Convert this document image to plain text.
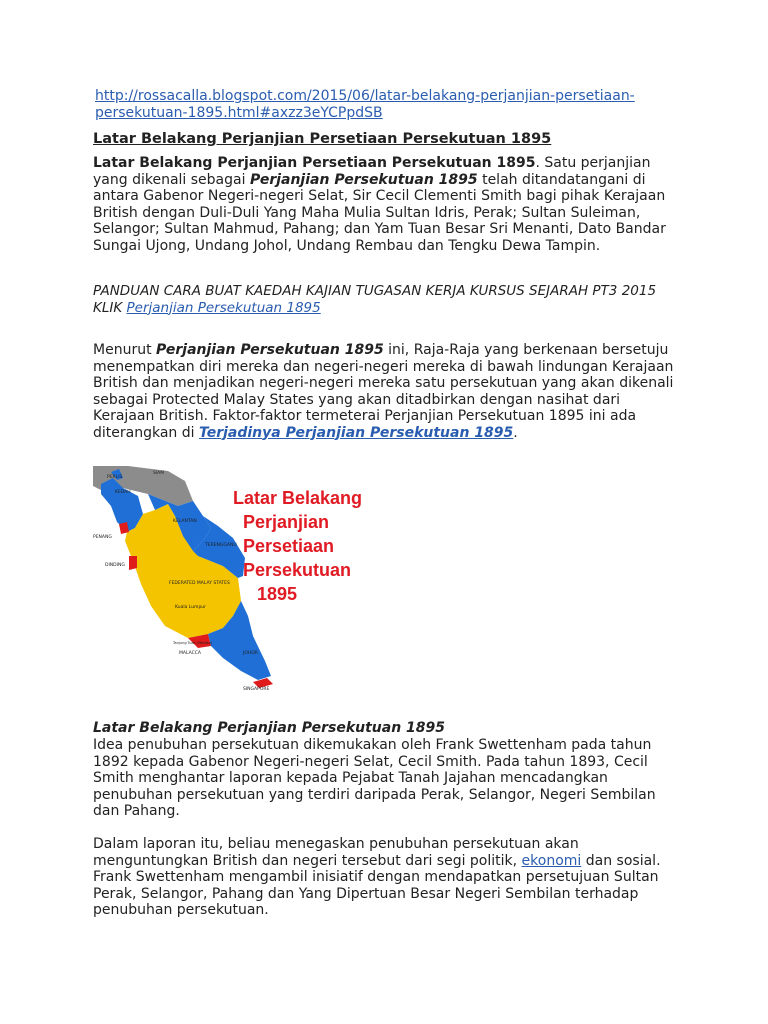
http://rossacalla.blogspot.com/2015/06/latar-belakang-perjanjian-persetiaan-
persekutuan-1895.html#axzz3eYCPpdSB
Latar Belakang Perjanjian Persetiaan Persekutuan 1895
Latar Belakang Perjanjian Persetiaan Persekutuan 1895. Satu perjanjian yang dikenali sebagai Perjanjian Persekutuan 1895 telah ditandatangani di antara Gabenor Negeri-negeri Selat, Sir Cecil Clementi Smith bagi pihak Kerajaan British dengan Duli-Duli Yang Maha Mulia Sultan Idris, Perak; Sultan Suleiman, Selangor; Sultan Mahmud, Pahang; dan Yam Tuan Besar Sri Menanti, Dato Bandar Sungai Ujong, Undang Johol, Undang Rembau dan Tengku Dewa Tampin.
PANDUAN CARA BUAT KAEDAH KAJIAN TUGASAN KERJA KURSUS SEJARAH PT3 2015 KLIK Perjanjian Persekutuan 1895
Menurut Perjanjian Persekutuan 1895 ini, Raja-Raja yang berkenaan bersetuju menempatkan diri mereka dan negeri-negeri mereka di bawah lindungan Kerajaan British dan menjadikan negeri-negeri mereka satu persekutuan yang akan dikenali sebagai Protected Malay States yang akan ditadbirkan dengan nasihat dari Kerajaan British. Faktor-faktor termeterai Perjanjian Persekutuan 1895 ini ada diterangkan di Terjadinya Perjanjian Persekutuan 1895.
SIAM
PERLIS
KEDAH
PENANG
KELANTAN
TERENGGANU
DINDING
FEDERATED MALAY STATES
Kuala Lumpur
Tanjung Tuan (Melaka)
MALACCA	JOHOR
SINGAPORE
Latar Belakang
Perjanjian
Persetiaan
Persekutuan
1895
Latar Belakang Perjanjian Persekutuan 1895
Idea penubuhan persekutuan dikemukakan oleh Frank Swettenham pada tahun 1892 kepada Gabenor Negeri-negeri Selat, Cecil Smith. Pada tahun 1893, Cecil Smith menghantar laporan kepada Pejabat Tanah Jajahan mencadangkan penubuhan persekutuan yang terdiri daripada Perak, Selangor, Negeri Sembilan dan Pahang.
Dalam laporan itu, beliau menegaskan penubuhan persekutuan akan menguntungkan British dan negeri tersebut dari segi politik, ekonomi dan sosial. Frank Swettenham mengambil inisiatif dengan mendapatkan persetujuan Sultan Perak, Selangor, Pahang dan Yang Dipertuan Besar Negeri Sembilan terhadap penubuhan persekutuan.
